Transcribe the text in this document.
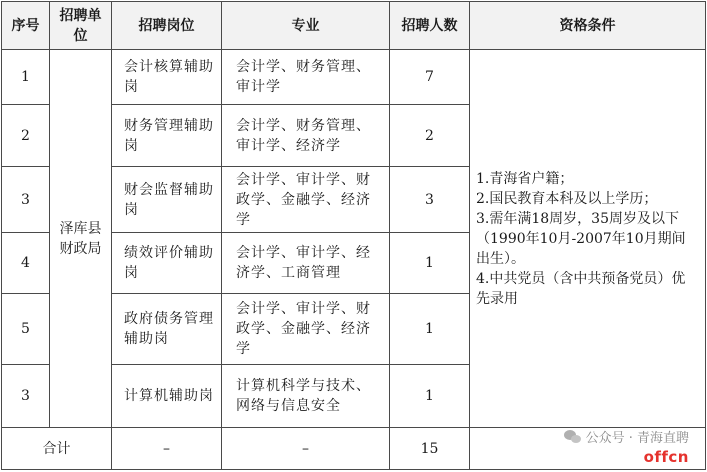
序号	招聘单位	招聘岗位	专业	招聘人数	资格条件
1	泽库县财政局	会计核算辅助岗	会计学、财务管理、审计学	7	1.青海省户籍；
2.国民教育本科及以上学历；
3.需年满18周岁，35周岁及以下（1990年10月-2007年10月期间出生）。
4.中共党员（含中共预备党员）优先录用

2		财务管理辅助岗	会计学、财务管理、审计学、经济学	2	
3		财会监督辅助岗	会计学、审计学、财政学、金融学、经济学	3	
4		绩效评价辅助岗	会计学、审计学、经济学、工商管理	1	
5		政府债务管理辅助岗	会计学、审计学、财政学、金融学、经济学	1	
3		计算机辅助岗	计算机科学与技术、网络与信息安全	1	
合计		–	–	15	
公众号 · 青海直聘
offcn
